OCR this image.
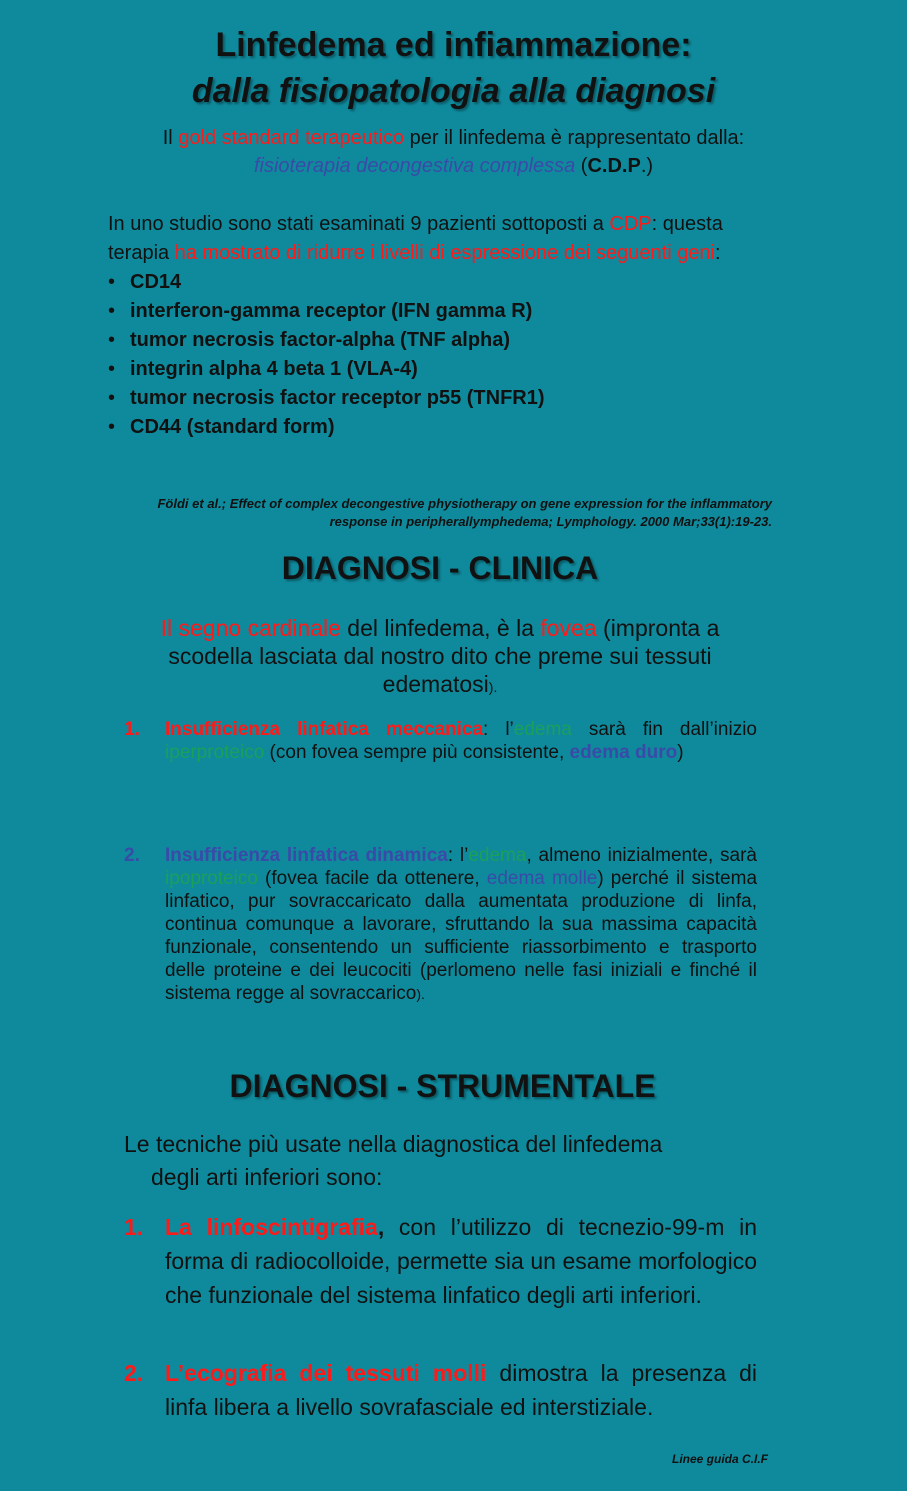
Linfedema ed infiammazione:
dalla fisiopatologia alla diagnosi
Il gold standard terapeutico per il linfedema è rappresentato dalla:
fisioterapia decongestiva complessa (C.D.P.)
In uno studio sono stati esaminati 9 pazienti sottoposti a CDP: questa terapia ha mostrato di ridurre i livelli di espressione dei seguenti geni:
• CD14
• interferon-gamma receptor (IFN gamma R)
• tumor necrosis factor-alpha (TNF alpha)
• integrin alpha 4 beta 1 (VLA-4)
• tumor necrosis factor receptor p55 (TNFR1)
• CD44 (standard form)
Földi et al.; Effect of complex decongestive physiotherapy on gene expression for the inflammatory
response in peripherallymphedema; Lymphology. 2000 Mar;33(1):19-23.
DIAGNOSI - CLINICA
Il segno cardinale del linfedema, è la fovea (impronta a scodella lasciata dal nostro dito che preme sui tessuti edematosi).
1. Insufficienza linfatica meccanica: l’edema sarà fin dall’inizio iperproteico (con fovea sempre più consistente, edema duro)
2. Insufficienza linfatica dinamica: l’edema, almeno inizialmente, sarà ipoproteico (fovea facile da ottenere, edema molle) perché il sistema linfatico, pur sovraccaricato dalla aumentata produzione di linfa, continua comunque a lavorare, sfruttando la sua massima capacità funzionale, consentendo un sufficiente riassorbimento e trasporto delle proteine e dei leucociti (perlomeno nelle fasi iniziali e finché il sistema regge al sovraccarico).
DIAGNOSI - STRUMENTALE
Le tecniche più usate nella diagnostica del linfedema
degli arti inferiori sono:
1. La linfoscintigrafia, con l’utilizzo di tecnezio-99-m in forma di radiocolloide, permette sia un esame morfologico che funzionale del sistema linfatico degli arti inferiori.
2. L’ecografia dei tessuti molli dimostra la presenza di linfa libera a livello sovrafasciale ed interstiziale.
Linee guida C.I.F
